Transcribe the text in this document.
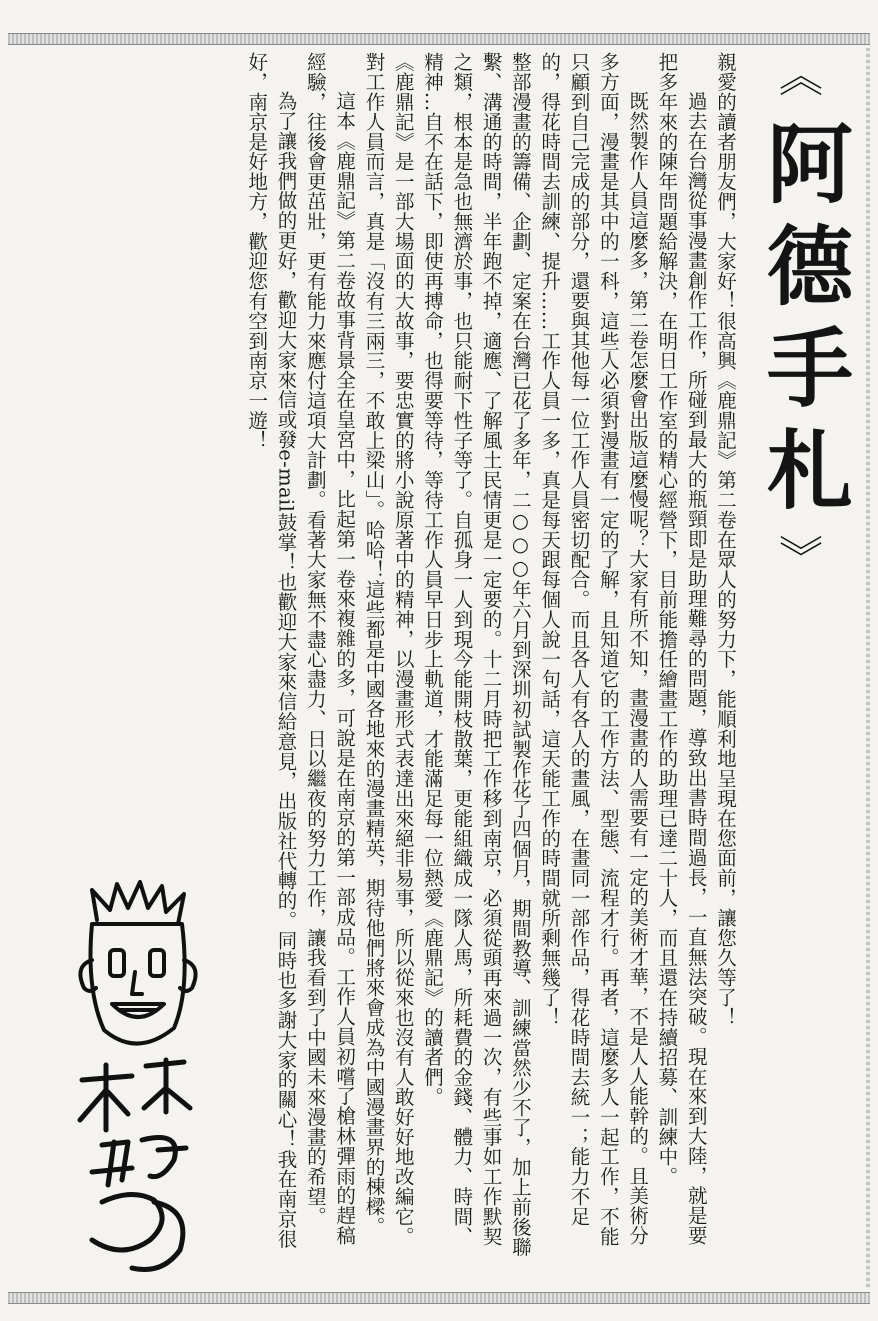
︽
阿德手札
︾

親愛的讀者朋友們，大家好！很高興《鹿鼎記》第二卷在眾人的努力下，能順利地呈現在您面前，讓您久等了！

過去在台灣從事漫畫創作工作，所碰到最大的瓶頸即是助理難尋的問題，導致出書時間過長，一直無法突破。現在來到大陸，就是要把多年來的陳年問題給解決，在明日工作室的精心經營下，目前能擔任繪畫工作的助理已達二十人，而且還在持續招募、訓練中。

既然製作人員這麼多，第二卷怎麼會出版這麼慢呢？大家有所不知，畫漫畫的人需要有一定的美術才華，不是人人能幹的。且美術分多方面，漫畫是其中的一科，這些人必須對漫畫有一定的了解，且知道它的工作方法、型態、流程才行。再者，這麼多人一起工作，不能只顧到自己完成的部分，還要與其他每一位工作人員密切配合。而且各人有各人的畫風，在畫同一部作品，得花時間去統一；能力不足的，得花時間去訓練、提升……工作人員一多，真是每天跟每個人說一句話，這天能工作的時間就所剩無幾了！

整部漫畫的籌備、企劃、定案在台灣已花了多年，二○○○年六月到深圳初試製作花了四個月，期間教導、訓練當然少不了，加上前後聯繫、溝通的時間，半年跑不掉，適應、了解風土民情更是一定要的。十二月時把工作移到南京，必須從頭再來過一次，有些事如工作默契之類，根本是急也無濟於事，也只能耐下性子等了。自孤身一人到現今能開枝散葉，更能組織成一隊人馬，所耗費的金錢、體力、時間、精神…自不在話下，即使再搏命，也得要等待，等待工作人員早日步上軌道，才能滿足每一位熱愛《鹿鼎記》的讀者們。

《鹿鼎記》是一部大場面的大故事，要忠實的將小說原著中的精神，以漫畫形式表達出來絕非易事，所以從來也沒有人敢好好地改編它。對工作人員而言，真是「沒有三兩三，不敢上梁山」。哈哈！這些都是中國各地來的漫畫精英，期待他們將來會成為中國漫畫界的棟樑。

這本《鹿鼎記》第二卷故事背景全在皇宮中，比起第一卷來複雜的多，可說是在南京的第一部成品。工作人員初嚐了槍林彈雨的趕稿經驗，往後會更茁壯，更有能力來應付這項大計劃。看著大家無不盡心盡力、日以繼夜的努力工作，讓我看到了中國未來漫畫的希望。

為了讓我們做的更好，歡迎大家來信或發e-mail鼓掌！也歡迎大家來信給意見，出版社代轉的。同時也多謝大家的關心！我在南京很好，南京是好地方，歡迎您有空到南京一遊！
